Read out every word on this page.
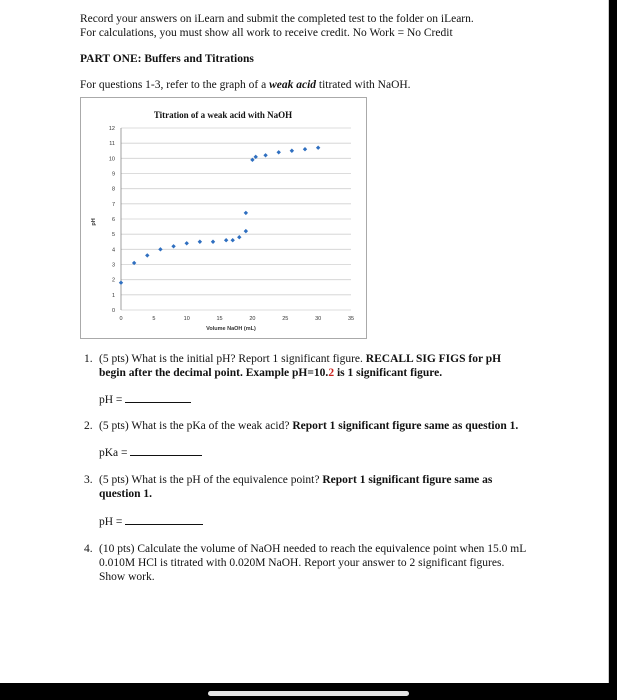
Record your answers on iLearn and submit the completed test to the folder on iLearn.
For calculations, you must show all work to receive credit. No Work = No Credit
PART ONE: Buffers and Titrations
For questions 1-3, refer to the graph of a weak acid titrated with NaOH.
Titration of a weak acid with NaOH
pH
Volume NaOH (mL)
0
1
2
3
4
5
6
7
8
9
10
11
12
0	5	10	15	20	25	30	35
1. (5 pts) What is the initial pH? Report 1 significant figure. RECALL SIG FIGS for pH
begin after the decimal point. Example pH=10.2 is 1 significant figure.
pH =
2. (5 pts) What is the pKa of the weak acid? Report 1 significant figure same as question 1.
pKa =
3. (5 pts) What is the pH of the equivalence point? Report 1 significant figure same as
question 1.
pH =
4. (10 pts) Calculate the volume of NaOH needed to reach the equivalence point when 15.0 mL
0.010M HCl is titrated with 0.020M NaOH. Report your answer to 2 significant figures.
Show work.
